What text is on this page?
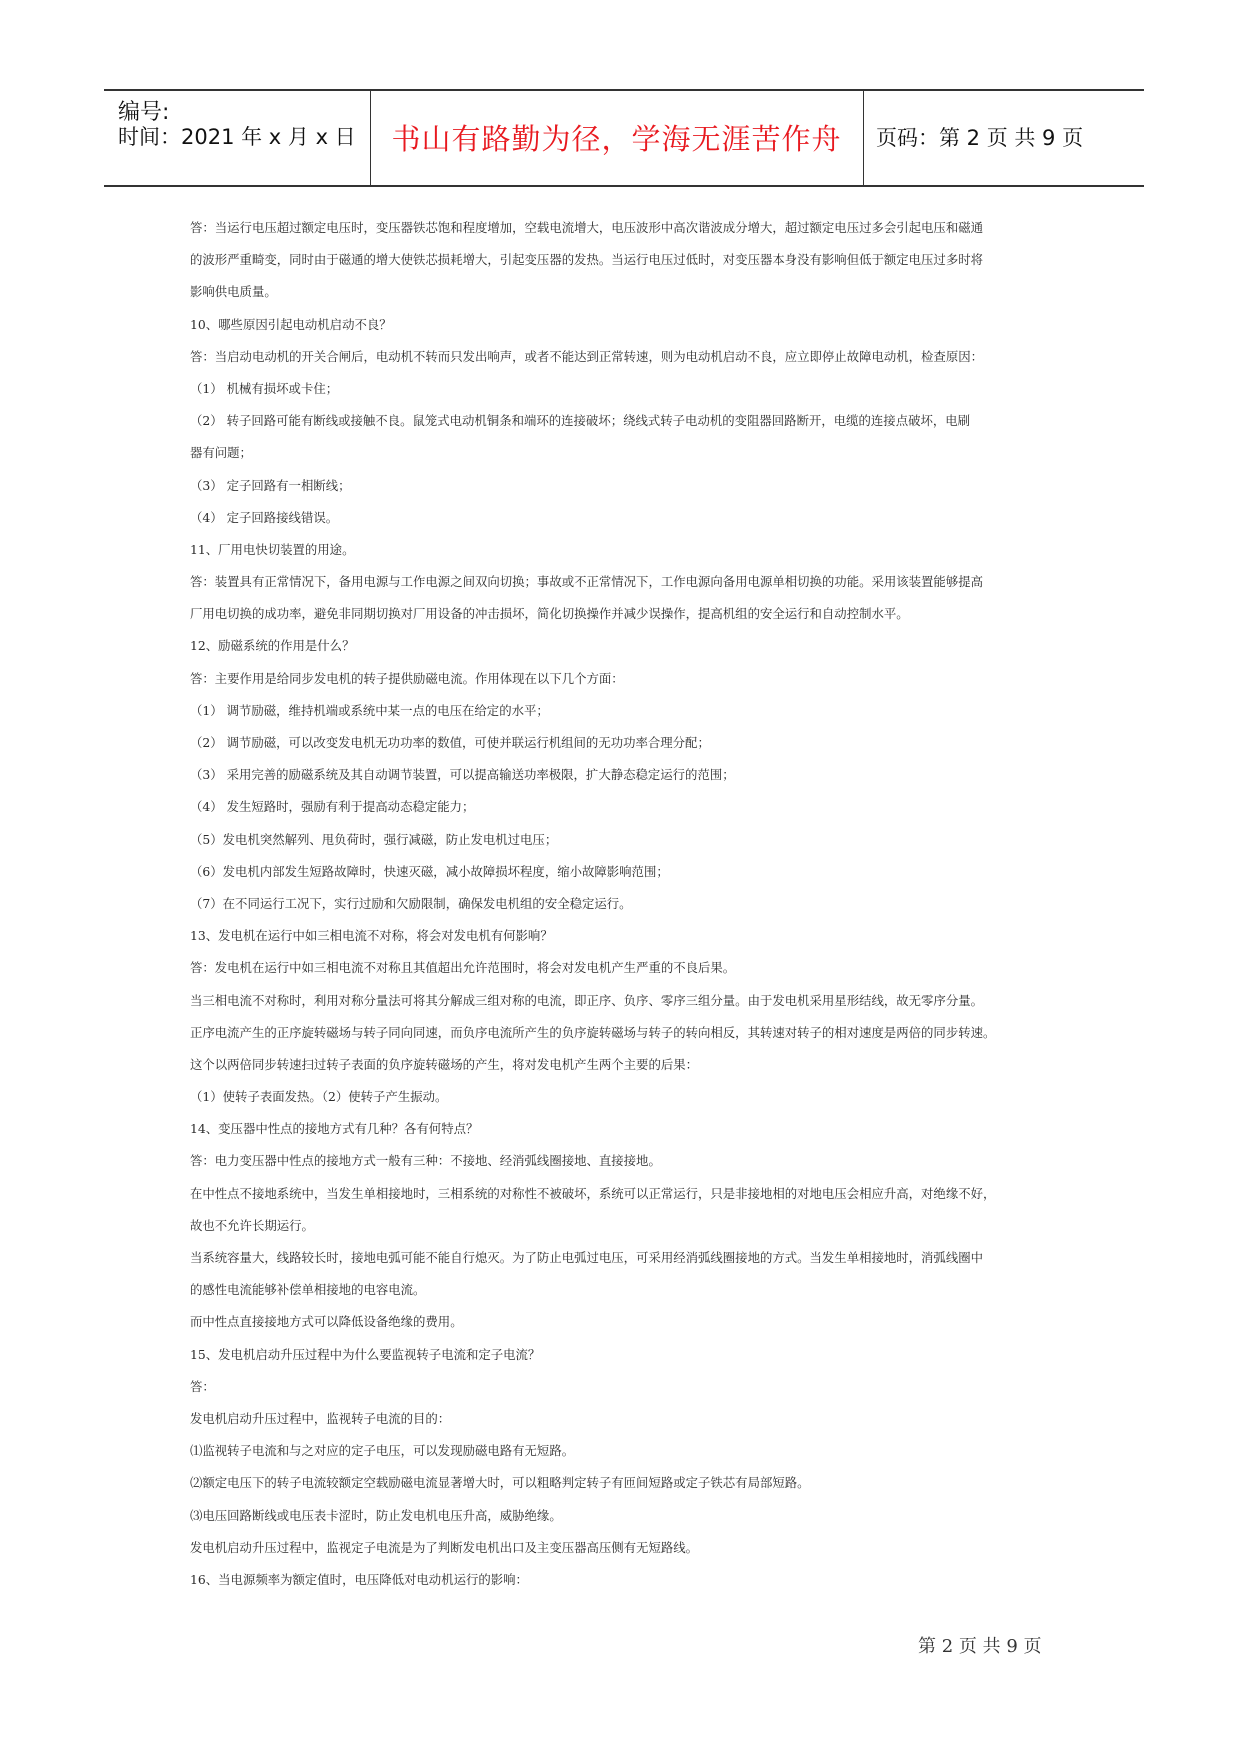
编号:
时间：2021 年 x 月 x 日	书山有路勤为径，学海无涯苦作舟	页码：第 2 页 共 9 页
答：当运行电压超过额定电压时，变压器铁芯饱和程度增加，空载电流增大，电压波形中高次谐波成分增大，超过额定电压过多会引起电压和磁通
的波形严重畸变，同时由于磁通的增大使铁芯损耗增大，引起变压器的发热。当运行电压过低时，对变压器本身没有影响但低于额定电压过多时将
影响供电质量。
10、哪些原因引起电动机启动不良？
答：当启动电动机的开关合闸后，电动机不转而只发出响声，或者不能达到正常转速，则为电动机启动不良，应立即停止故障电动机，检查原因：
（1） 机械有损坏或卡住；
（2） 转子回路可能有断线或接触不良。鼠笼式电动机铜条和端环的连接破坏；绕线式转子电动机的变阻器回路断开，电缆的连接点破坏，电刷
器有问题；
（3） 定子回路有一相断线；
（4） 定子回路接线错误。
11、厂用电快切装置的用途。
答：装置具有正常情况下，备用电源与工作电源之间双向切换；事故或不正常情况下，工作电源向备用电源单相切换的功能。采用该装置能够提高
厂用电切换的成功率，避免非同期切换对厂用设备的冲击损坏，简化切换操作并减少误操作，提高机组的安全运行和自动控制水平。
12、励磁系统的作用是什么？
答：主要作用是给同步发电机的转子提供励磁电流。作用体现在以下几个方面：
（1） 调节励磁，维持机端或系统中某一点的电压在给定的水平；
（2） 调节励磁，可以改变发电机无功功率的数值，可使并联运行机组间的无功功率合理分配；
（3） 采用完善的励磁系统及其自动调节装置，可以提高输送功率极限，扩大静态稳定运行的范围；
（4） 发生短路时，强励有利于提高动态稳定能力；
（5）发电机突然解列、甩负荷时，强行减磁，防止发电机过电压；
（6）发电机内部发生短路故障时，快速灭磁，减小故障损坏程度，缩小故障影响范围；
（7）在不同运行工况下，实行过励和欠励限制，确保发电机组的安全稳定运行。
13、发电机在运行中如三相电流不对称，将会对发电机有何影响？
答：发电机在运行中如三相电流不对称且其值超出允许范围时，将会对发电机产生严重的不良后果。
当三相电流不对称时，利用对称分量法可将其分解成三组对称的电流，即正序、负序、零序三组分量。由于发电机采用星形结线，故无零序分量。
正序电流产生的正序旋转磁场与转子同向同速，而负序电流所产生的负序旋转磁场与转子的转向相反，其转速对转子的相对速度是两倍的同步转速。
这个以两倍同步转速扫过转子表面的负序旋转磁场的产生，将对发电机产生两个主要的后果：
（1）使转子表面发热。（2）使转子产生振动。
14、变压器中性点的接地方式有几种？各有何特点？
答：电力变压器中性点的接地方式一般有三种：不接地、经消弧线圈接地、直接接地。
在中性点不接地系统中，当发生单相接地时，三相系统的对称性不被破坏，系统可以正常运行，只是非接地相的对地电压会相应升高，对绝缘不好，
故也不允许长期运行。
当系统容量大，线路较长时，接地电弧可能不能自行熄灭。为了防止电弧过电压，可采用经消弧线圈接地的方式。当发生单相接地时，消弧线圈中
的感性电流能够补偿单相接地的电容电流。
而中性点直接接地方式可以降低设备绝缘的费用。
15、发电机启动升压过程中为什么要监视转子电流和定子电流？
答：
发电机启动升压过程中，监视转子电流的目的：
⑴监视转子电流和与之对应的定子电压，可以发现励磁电路有无短路。
⑵额定电压下的转子电流较额定空载励磁电流显著增大时，可以粗略判定转子有匝间短路或定子铁芯有局部短路。
⑶电压回路断线或电压表卡涩时，防止发电机电压升高，威胁绝缘。
发电机启动升压过程中，监视定子电流是为了判断发电机出口及主变压器高压侧有无短路线。
16、当电源频率为额定值时，电压降低对电动机运行的影响：
第 2 页 共 9 页
